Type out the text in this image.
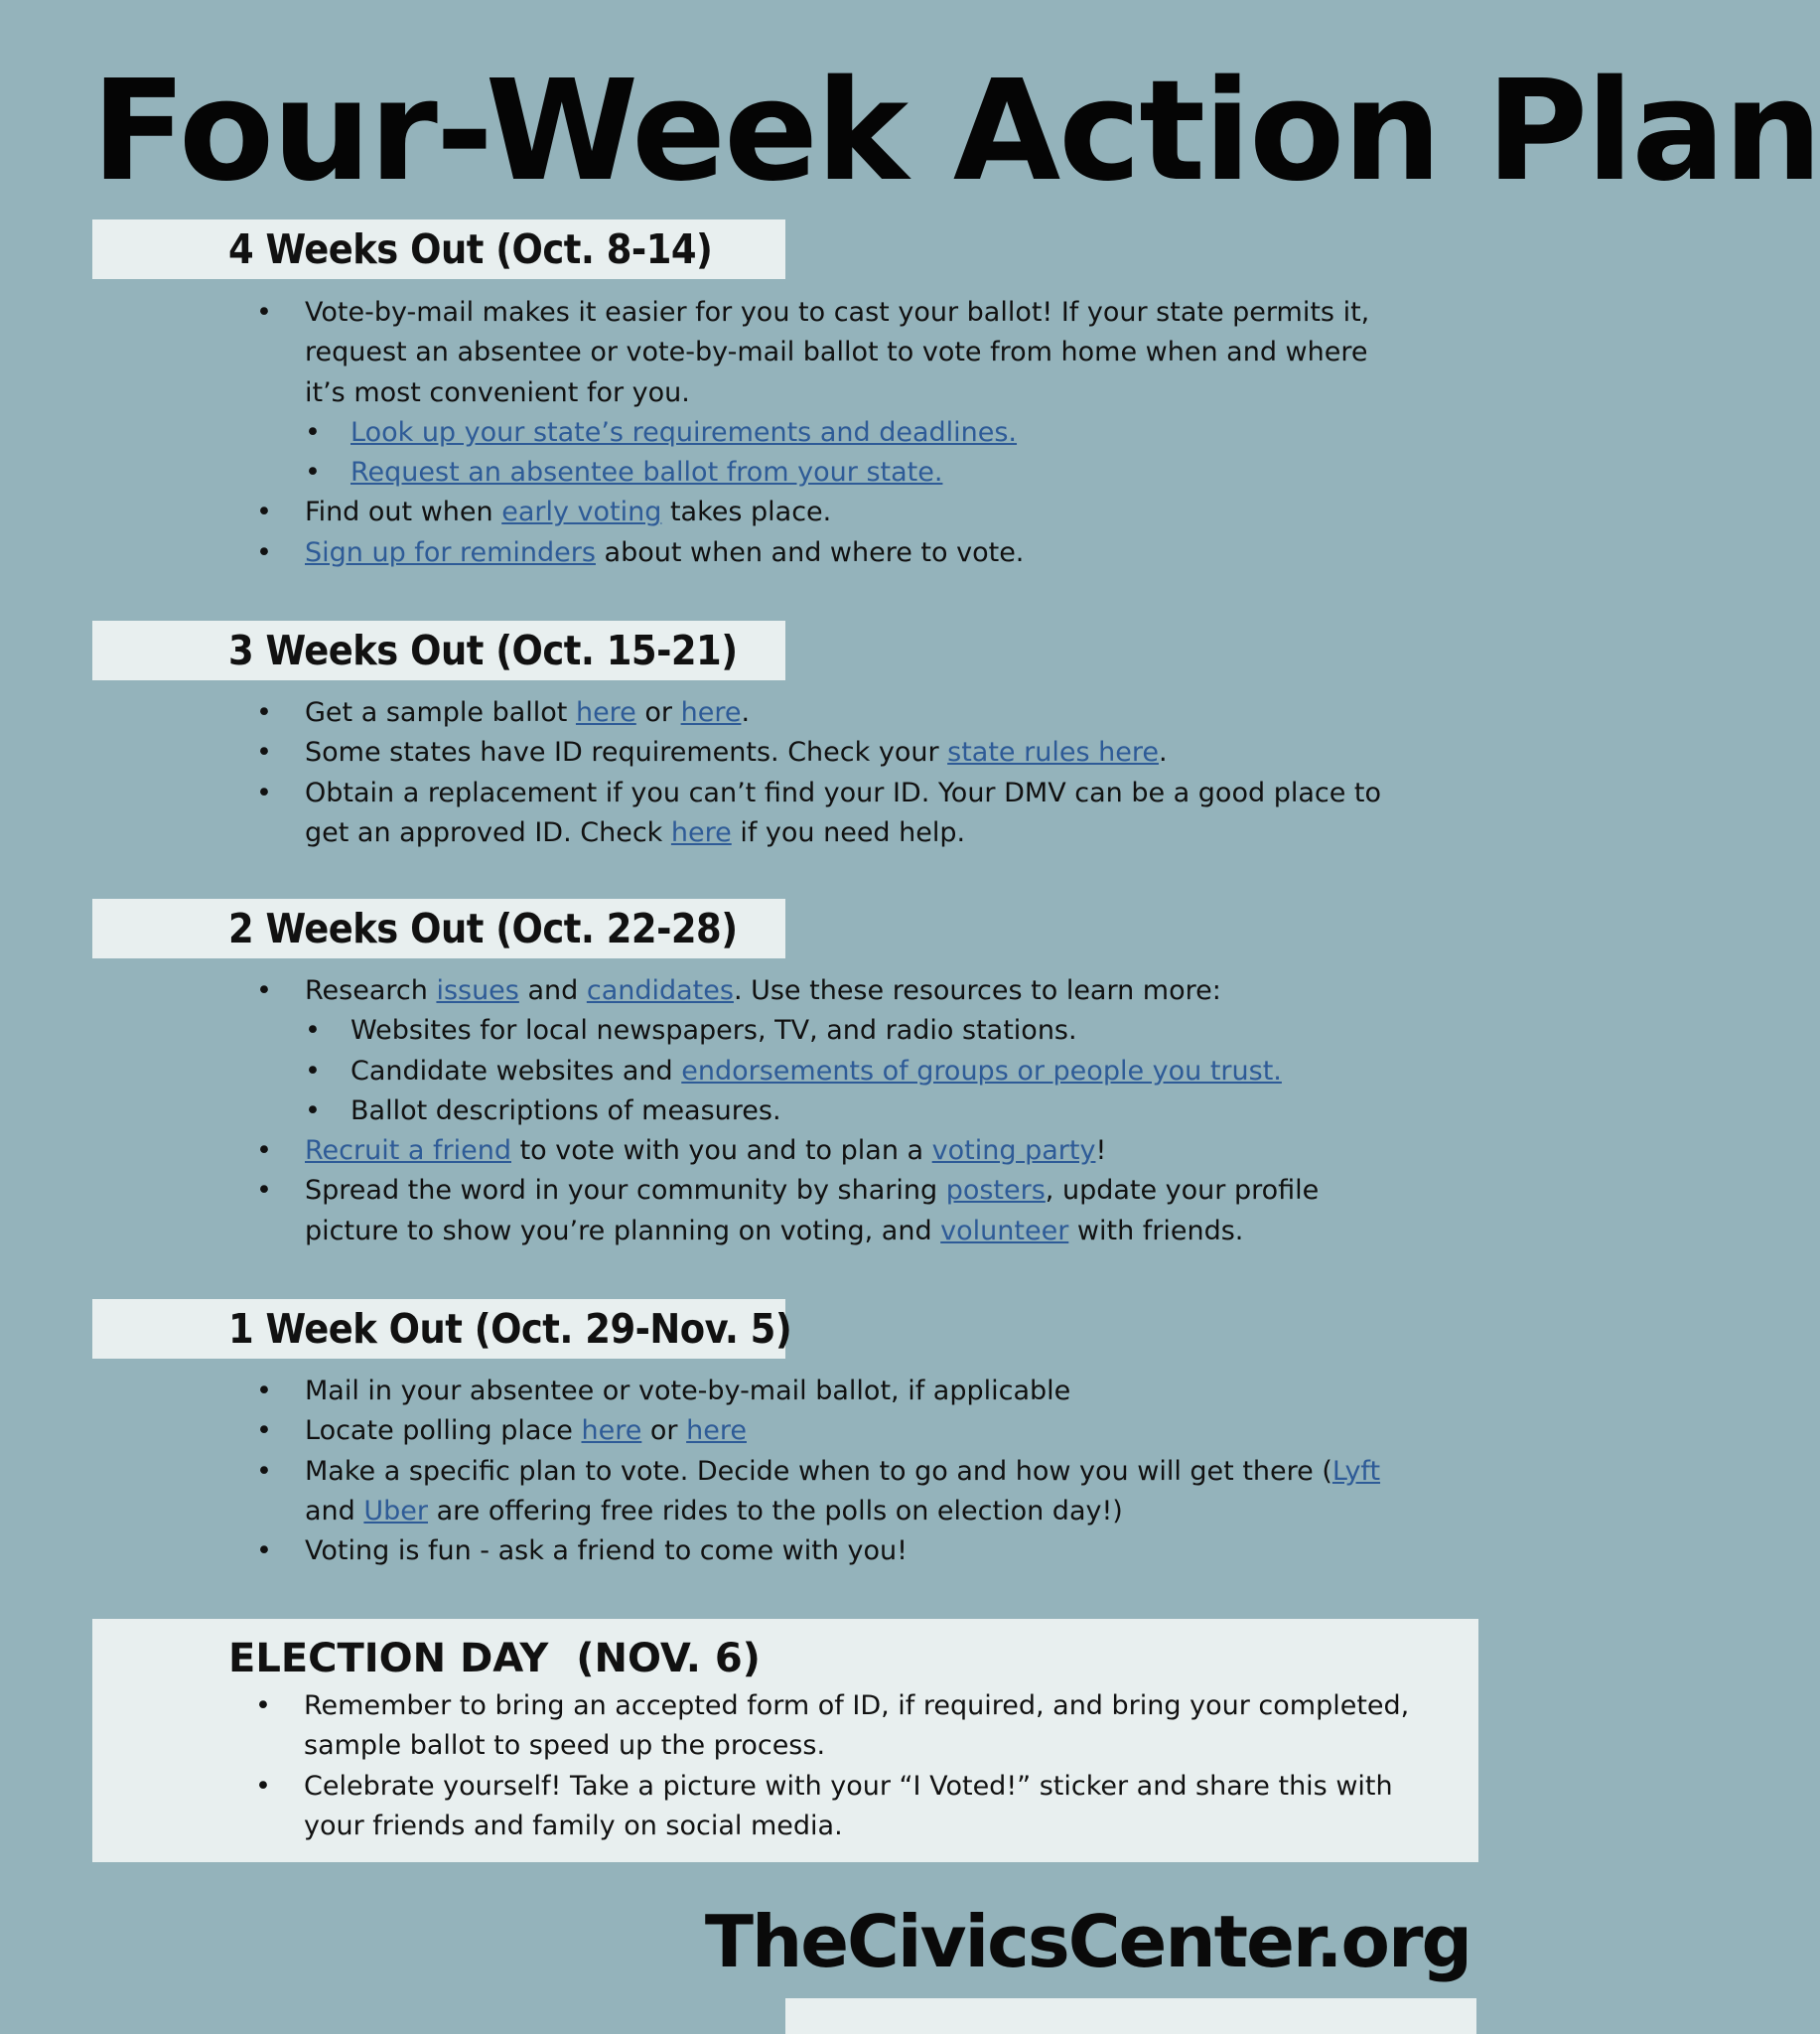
Four-Week Action Plan
4 Weeks Out (Oct. 8-14)
• Vote-by-mail makes it easier for you to cast your ballot! If your state permits it, request an absentee or vote-by-mail ballot to vote from home when and where it’s most convenient for you.
• Look up your state’s requirements and deadlines.
• Request an absentee ballot from your state.
• Find out when early voting takes place.
• Sign up for reminders about when and where to vote.
3 Weeks Out (Oct. 15-21)
• Get a sample ballot here or here.
• Some states have ID requirements. Check your state rules here.
• Obtain a replacement if you can’t find your ID. Your DMV can be a good place to get an approved ID. Check here if you need help.
2 Weeks Out (Oct. 22-28)
• Research issues and candidates. Use these resources to learn more:
• Websites for local newspapers, TV, and radio stations.
• Candidate websites and endorsements of groups or people you trust.
• Ballot descriptions of measures.
• Recruit a friend to vote with you and to plan a voting party!
• Spread the word in your community by sharing posters, update your profile picture to show you’re planning on voting, and volunteer with friends.
1 Week Out (Oct. 29-Nov. 5)
• Mail in your absentee or vote-by-mail ballot, if applicable
• Locate polling place here or here
• Make a specific plan to vote. Decide when to go and how you will get there (Lyft and Uber are offering free rides to the polls on election day!)
• Voting is fun - ask a friend to come with you!
ELECTION DAY  (NOV. 6)
• Remember to bring an accepted form of ID, if required, and bring your completed, sample ballot to speed up the process.
• Celebrate yourself! Take a picture with your “I Voted!” sticker and share this with your friends and family on social media.
TheCivicsCenter.org
